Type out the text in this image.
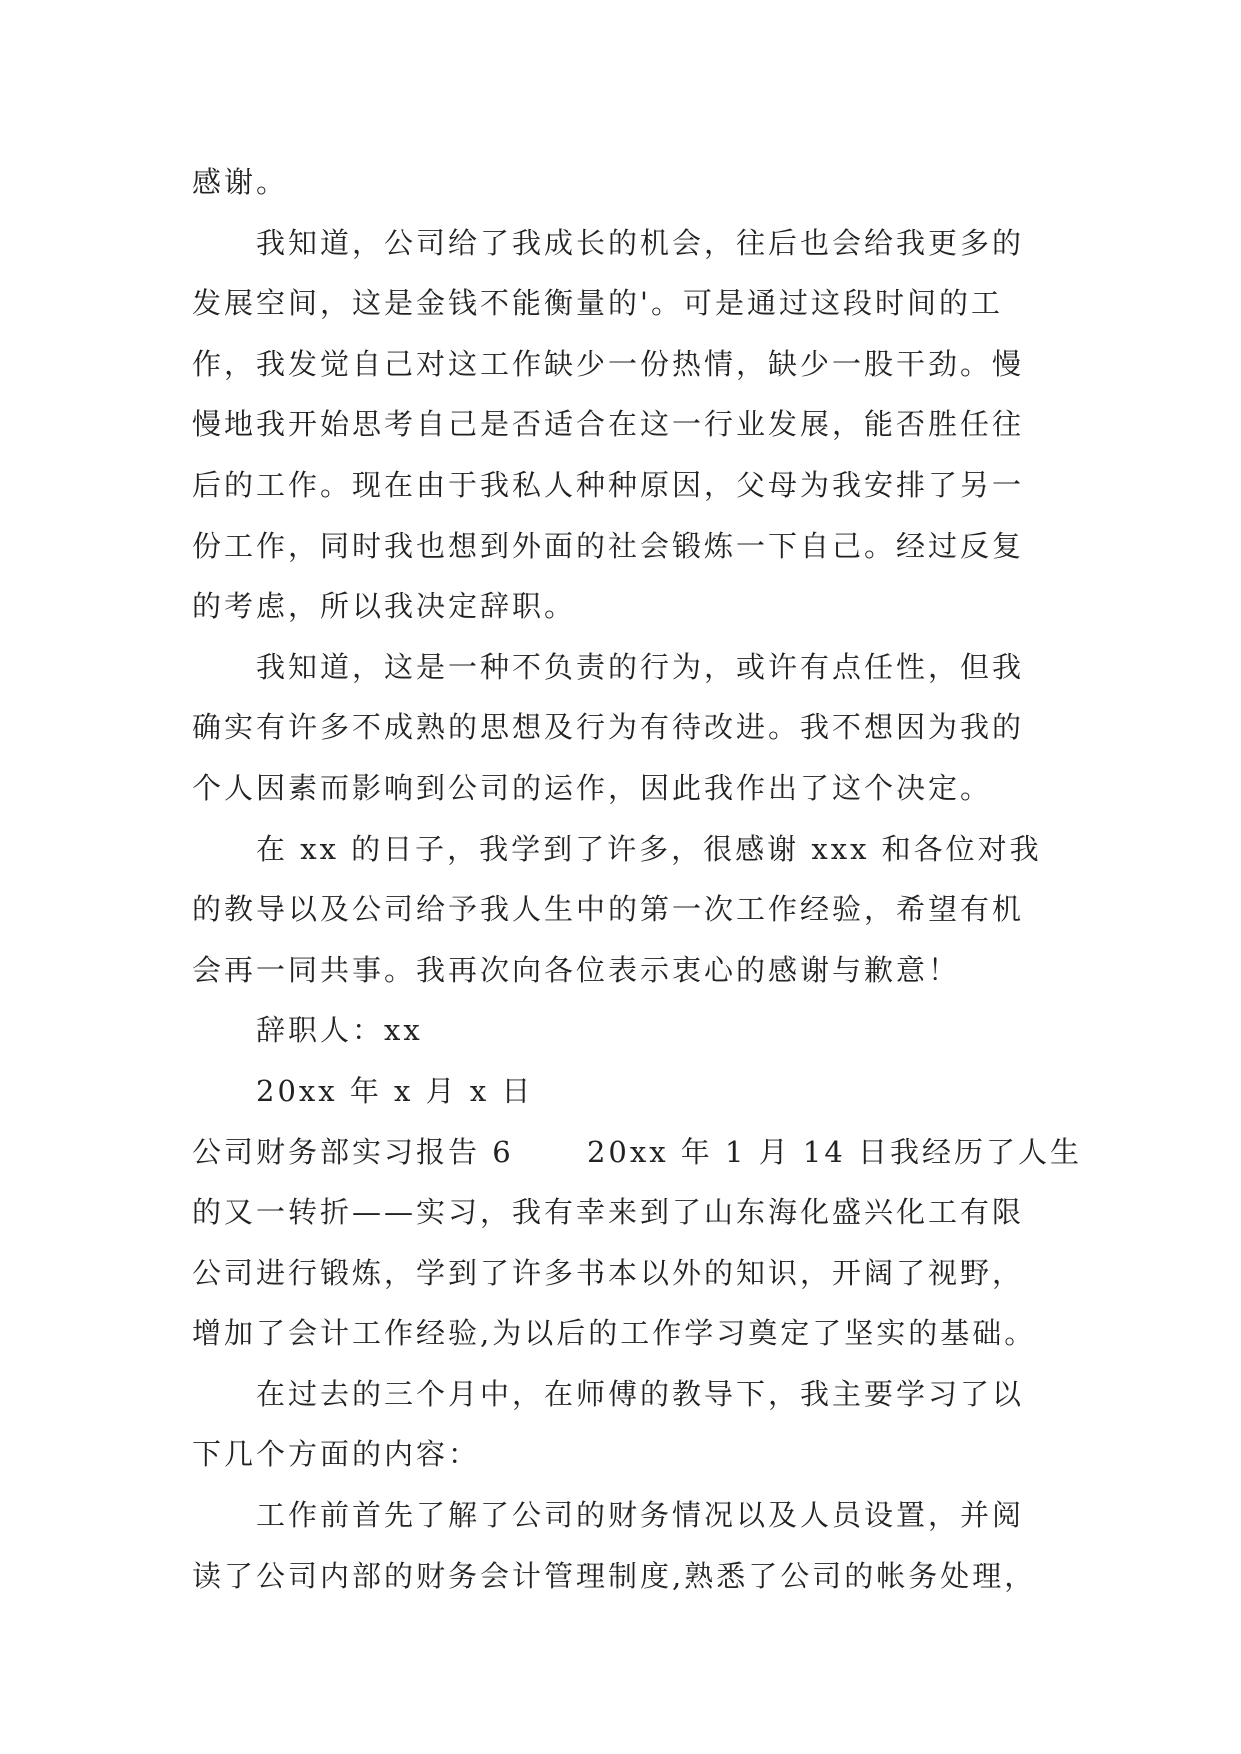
感谢。
我知道，公司给了我成长的机会，往后也会给我更多的
发展空间，这是金钱不能衡量的'。可是通过这段时间的工
作，我发觉自己对这工作缺少一份热情，缺少一股干劲。慢
慢地我开始思考自己是否适合在这一行业发展，能否胜任往
后的工作。现在由于我私人种种原因，父母为我安排了另一
份工作，同时我也想到外面的社会锻炼一下自己。经过反复
的考虑，所以我决定辞职。
我知道，这是一种不负责的行为，或许有点任性，但我
确实有许多不成熟的思想及行为有待改进。我不想因为我的
个人因素而影响到公司的运作，因此我作出了这个决定。
在 xx 的日子，我学到了许多，很感谢 xxx 和各位对我
的教导以及公司给予我人生中的第一次工作经验，希望有机
会再一同共事。我再次向各位表示衷心的感谢与歉意！
辞职人：xx
20xx 年 x 月 x 日
公司财务部实习报告 6      20xx 年 1 月 14 日我经历了人生
的又一转折——实习，我有幸来到了山东海化盛兴化工有限
公司进行锻炼，学到了许多书本以外的知识，开阔了视野，
增加了会计工作经验,为以后的工作学习奠定了坚实的基础。
在过去的三个月中，在师傅的教导下，我主要学习了以
下几个方面的内容：
工作前首先了解了公司的财务情况以及人员设置，并阅
读了公司内部的财务会计管理制度,熟悉了公司的帐务处理，
